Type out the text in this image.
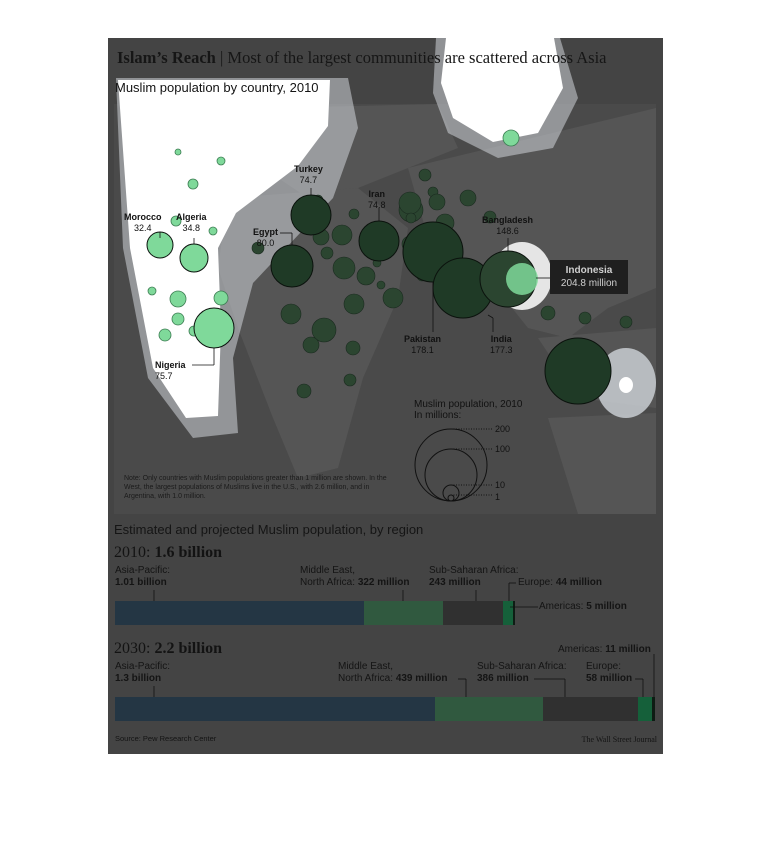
Islam’s Reach | Most of the largest communities are scattered across Asia
Muslim population by country, 2010
Morocco
32.4
Algeria
34.8
Turkey
74.7
Iran
74.8
Egypt
80.0
Bangladesh
148.6
Indonesia
204.8 million
Pakistan
178.1
India
177.3
Nigeria
75.7
Muslim population, 2010
In millions:
200
100
10
1
Note: Only countries with Muslim populations greater than 1 million are shown. In the West, the largest populations of Muslims live in the U.S., with 2.6 million, and in Argentina, with 1.0 million.
Estimated and projected Muslim population, by region
2010: 1.6 billion
Asia-Pacific:
1.01 billion
Middle East,
North Africa: 322 million
Sub-Saharan Africa:
243 million	Europe: 44 million
Americas: 5 million
2030: 2.2 billion
Asia-Pacific:
1.3 billion
Middle East,
North Africa: 439 million
Sub-Saharan Africa:
386 million
Europe:
58 million
Americas: 11 million
Source: Pew Research Center	The Wall Street Journal
